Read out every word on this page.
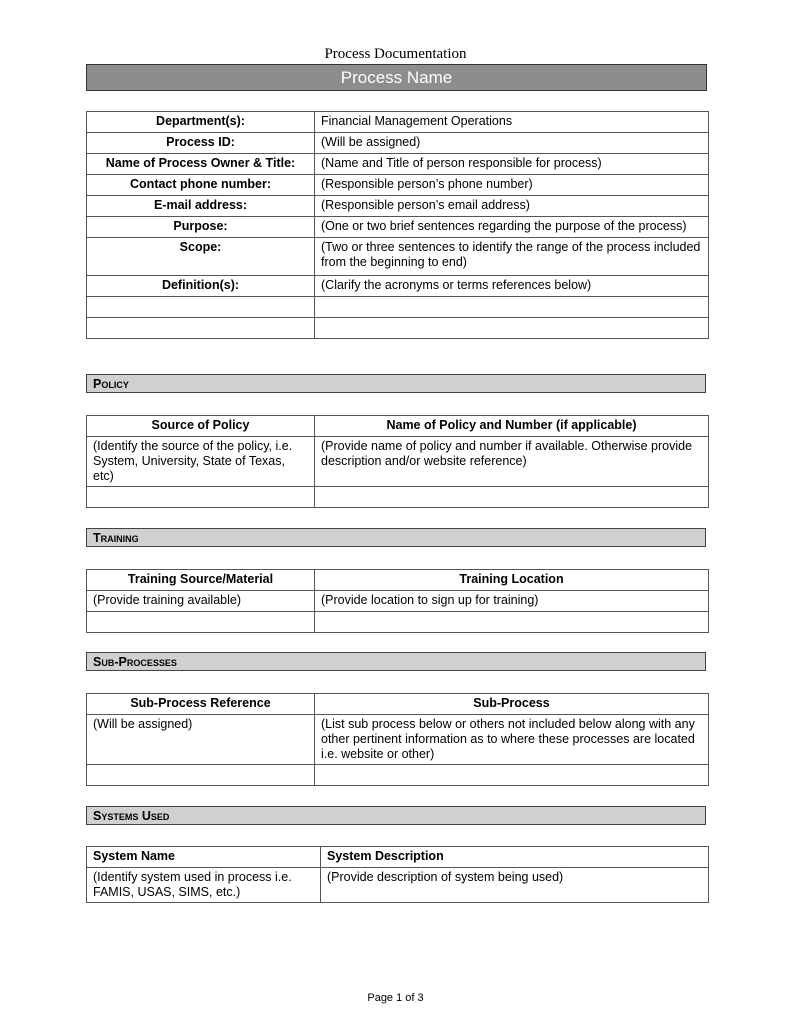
Process Documentation
Process Name
Department(s):	Financial Management Operations
Process ID:	(Will be assigned)
Name of Process Owner & Title:	(Name and Title of person responsible for process)
Contact phone number:	(Responsible person’s phone number)
E-mail address:	(Responsible person’s email address)
Purpose:	(One or two brief sentences regarding the purpose of the process)
Scope:	(Two or three sentences to identify the range of the process included from the beginning to end)
Definition(s):	(Clarify the acronyms or terms references below)

Policy
Source of Policy	Name of Policy and Number (if applicable)
(Identify the source of the policy, i.e. System, University, State of Texas, etc)	(Provide name of policy and number if available. Otherwise provide description and/or website reference)

Training
Training Source/Material	Training Location
(Provide training available)	(Provide location to sign up for training)

Sub-Processes
Sub-Process Reference	Sub-Process
(Will be assigned)	(List sub process below or others not included below along with any other pertinent information as to where these processes are located i.e. website or other)

Systems Used
System Name	System Description
(Identify system used in process i.e. FAMIS, USAS, SIMS, etc.)	(Provide description of system being used)
Page 1 of 3
